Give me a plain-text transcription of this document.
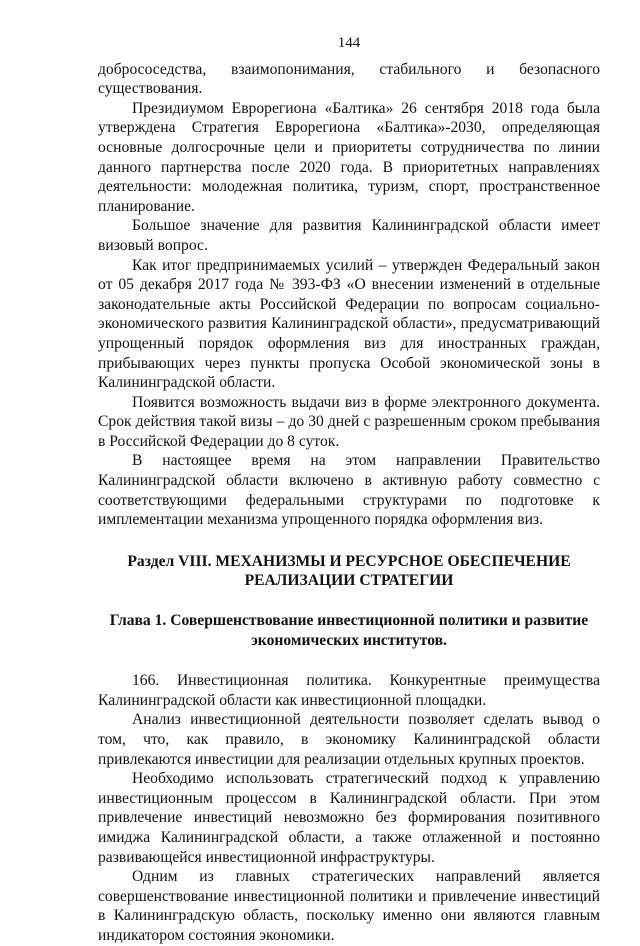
144

добрососедства, взаимопонимания, стабильного и безопасного существования.

Президиумом Еврорегиона «Балтика» 26 сентября 2018 года была утверждена Стратегия Еврорегиона «Балтика»-2030, определяющая основные долгосрочные цели и приоритеты сотрудничества по линии данного партнерства после 2020 года. В приоритетных направлениях деятельности: молодежная политика, туризм, спорт, пространственное планирование.

Большое значение для развития Калининградской области имеет визовый вопрос.

Как итог предпринимаемых усилий – утвержден Федеральный закон от 05 декабря 2017 года № 393-ФЗ «О внесении изменений в отдельные законодательные акты Российской Федерации по вопросам социально-экономического развития Калининградской области», предусматривающий упрощенный порядок оформления виз для иностранных граждан, прибывающих через пункты пропуска Особой экономической зоны в Калининградской области.

Появится возможность выдачи виз в форме электронного документа. Срок действия такой визы – до 30 дней с разрешенным сроком пребывания в Российской Федерации до 8 суток.

В настоящее время на этом направлении Правительство Калининградской области включено в активную работу совместно с соответствующими федеральными структурами по подготовке к имплементации механизма упрощенного порядка оформления виз.

Раздел VIII. МЕХАНИЗМЫ И РЕСУРСНОЕ ОБЕСПЕЧЕНИЕ
РЕАЛИЗАЦИИ СТРАТЕГИИ
Глава 1. Совершенствование инвестиционной политики и развитие
экономических институтов.

166. Инвестиционная политика. Конкурентные преимущества Калининградской области как инвестиционной площадки.

Анализ инвестиционной деятельности позволяет сделать вывод о том, что, как правило, в экономику Калининградской области привлекаются инвестиции для реализации отдельных крупных проектов.

Необходимо использовать стратегический подход к управлению инвестиционным процессом в Калининградской области. При этом привлечение инвестиций невозможно без формирования позитивного имиджа Калининградской области, а также отлаженной и постоянно развивающейся инвестиционной инфраструктуры.

Одним из главных стратегических направлений является совершенствование инвестиционной политики и привлечение инвестиций в Калининградскую область, поскольку именно они являются главным индикатором состояния экономики.
